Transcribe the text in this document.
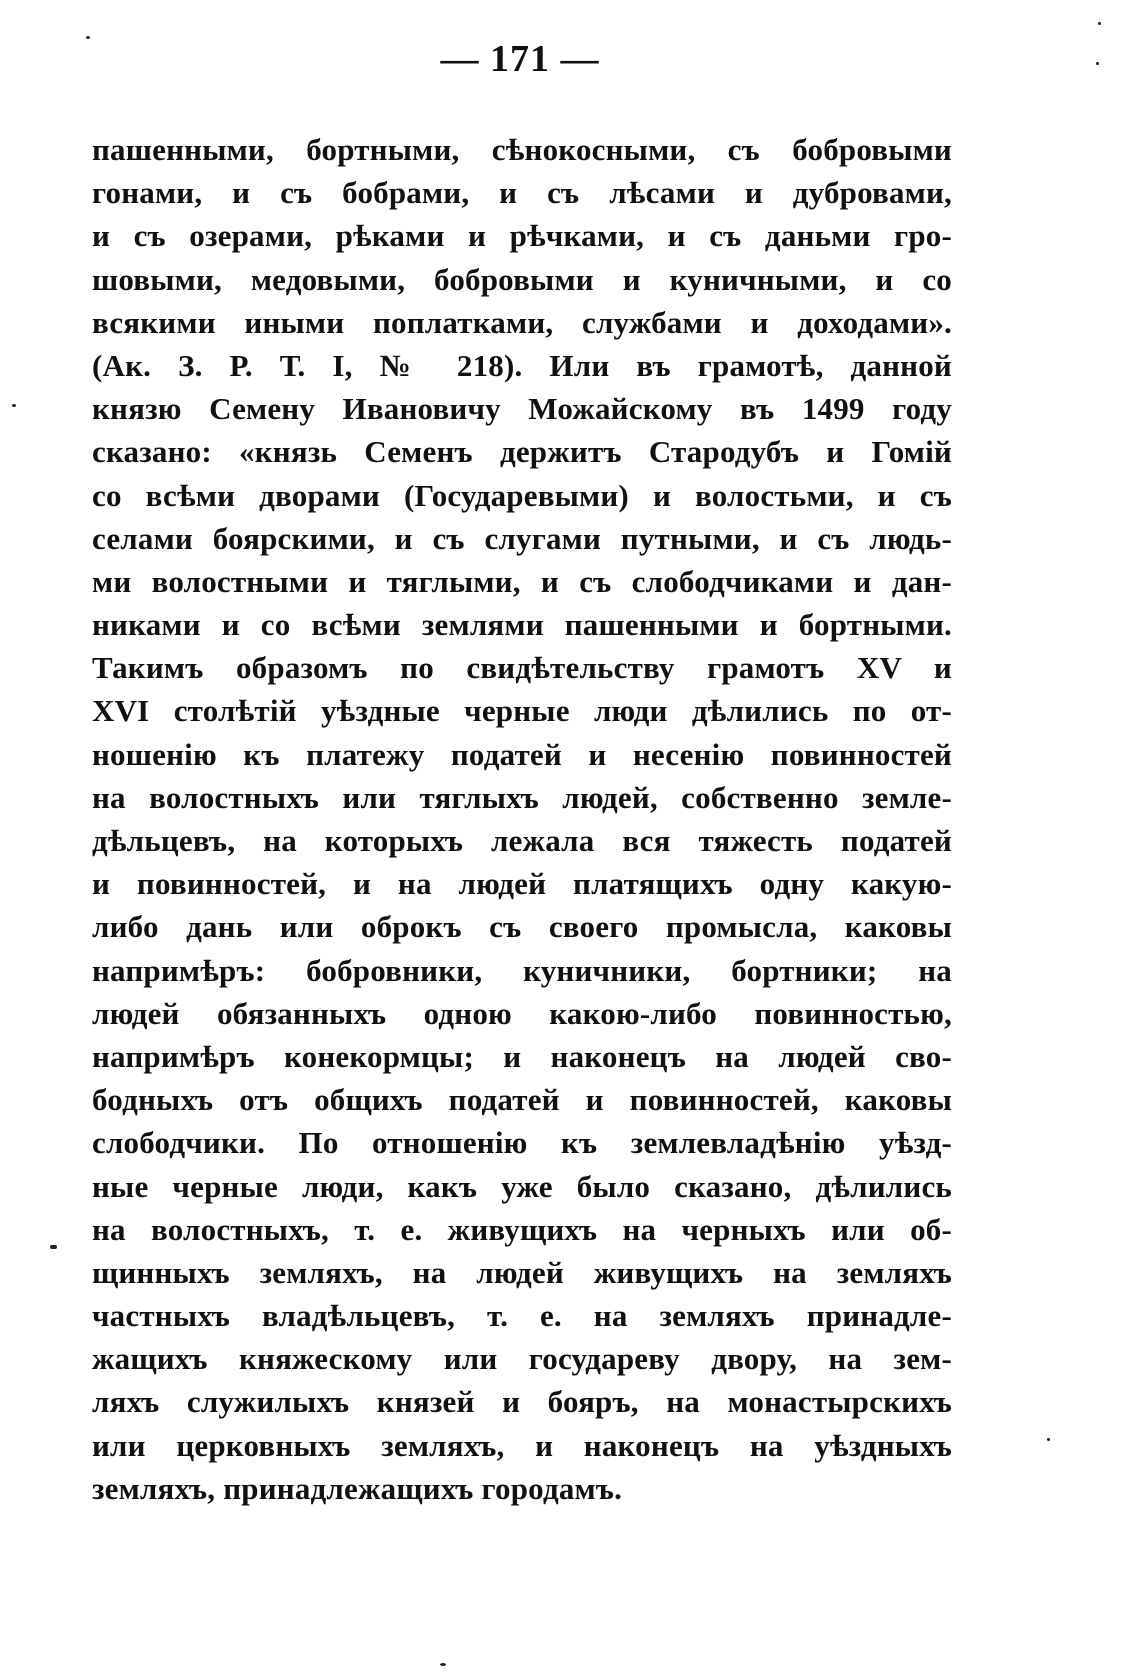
— 171 —
пашенными, бортными, сѣнокосными, съ бобровыми
гонами, и съ бобрами, и съ лѣсами и дубровами,
и съ озерами, рѣками и рѣчками, и съ даньми гро-
шовыми, медовыми, бобровыми и куничными, и со
всякими иными поплатками, службами и доходами».
(Ак. З. Р. Т. I, № 218). Или въ грамотѣ, данной
князю Семену Ивановичу Можайскому въ 1499 году
сказано: «князь Семенъ держитъ Стародубъ и Гомій
со всѣми дворами (Государевыми) и волостьми, и съ
селами боярскими, и съ слугами путными, и съ людь-
ми волостными и тяглыми, и съ слободчиками и дан-
никами и со всѣми землями пашенными и бортными.
Такимъ образомъ по свидѣтельству грамотъ XV и
XVI столѣтій уѣздные черные люди дѣлились по от-
ношенію къ платежу податей и несенію повинностей
на волостныхъ или тяглыхъ людей, собственно земле-
дѣльцевъ, на которыхъ лежала вся тяжесть податей
и повинностей, и на людей платящихъ одну какую-
либо дань или оброкъ съ своего промысла, каковы
напримѣръ: бобровники, куничники, бортники; на
людей обязанныхъ одною какою-либо повинностью,
напримѣръ конекормцы; и наконецъ на людей сво-
бодныхъ отъ общихъ податей и повинностей, каковы
слободчики. По отношенію къ землевладѣнію уѣзд-
ные черные люди, какъ уже было сказано, дѣлились
на волостныхъ, т. е. живущихъ на черныхъ или об-
щинныхъ земляхъ, на людей живущихъ на земляхъ
частныхъ владѣльцевъ, т. е. на земляхъ принадле-
жащихъ княжескому или государеву двору, на зем-
ляхъ служилыхъ князей и бояръ, на монастырскихъ
или церковныхъ земляхъ, и наконецъ на уѣздныхъ
земляхъ, принадлежащихъ городамъ.
